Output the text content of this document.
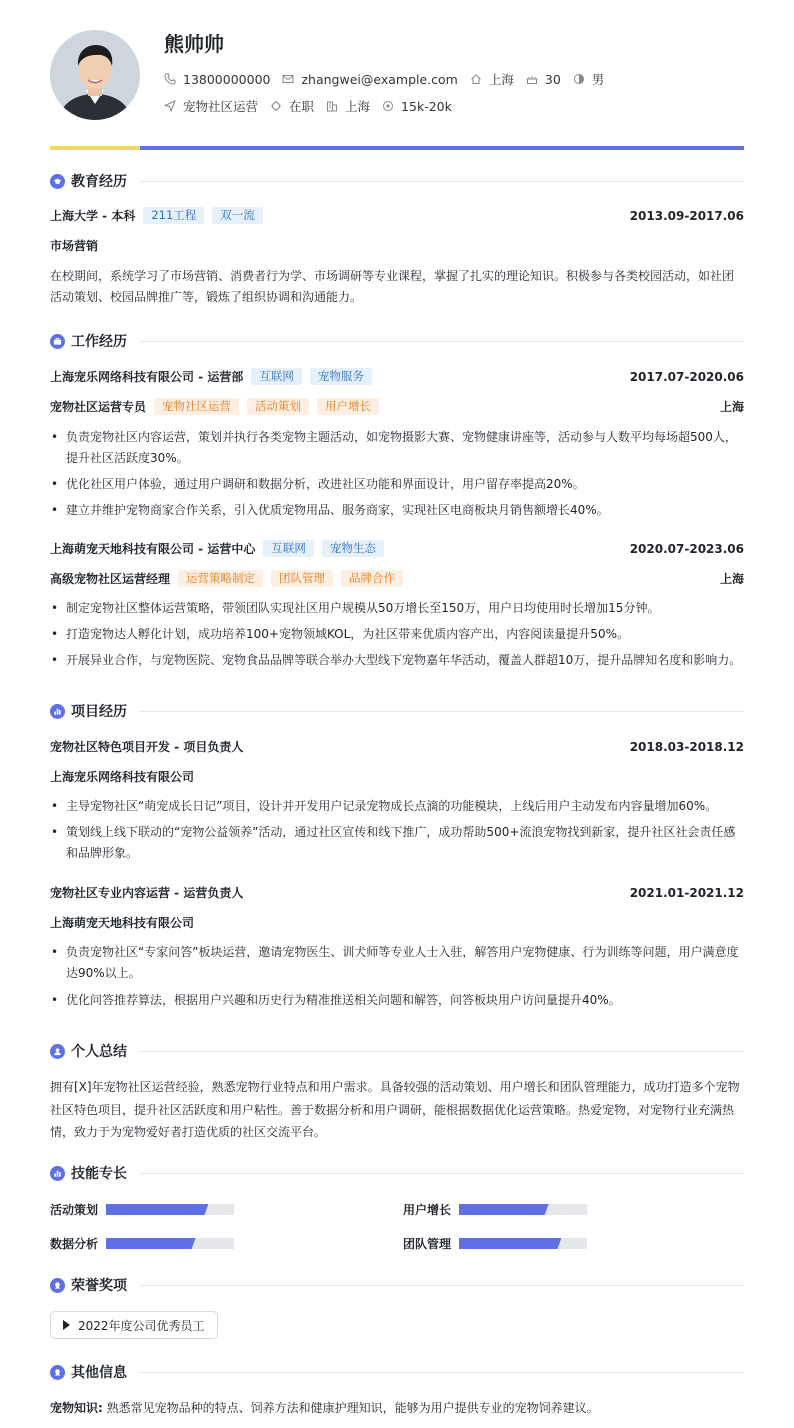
熊帅帅
13800000000 zhangwei@example.com 上海 30 男
宠物社区运营 在职 上海 15k-20k
教育经历
上海大学 - 本科	211工程	双一流	2013.09-2017.06
市场营销
在校期间，系统学习了市场营销、消费者行为学、市场调研等专业课程，掌握了扎实的理论知识。积极参与各类校园活动，如社团活动策划、校园品牌推广等，锻炼了组织协调和沟通能力。
工作经历
上海宠乐网络科技有限公司 - 运营部	互联网	宠物服务	2017.07-2020.06
宠物社区运营专员	宠物社区运营	活动策划	用户增长	上海
• 负责宠物社区内容运营，策划并执行各类宠物主题活动，如宠物摄影大赛、宠物健康讲座等，活动参与人数平均每场超500人，提升社区活跃度30%。
• 优化社区用户体验，通过用户调研和数据分析，改进社区功能和界面设计，用户留存率提高20%。
• 建立并维护宠物商家合作关系，引入优质宠物用品、服务商家，实现社区电商板块月销售额增长40%。
上海萌宠天地科技有限公司 - 运营中心	互联网	宠物生态	2020.07-2023.06
高级宠物社区运营经理	运营策略制定	团队管理	品牌合作	上海
• 制定宠物社区整体运营策略，带领团队实现社区用户规模从50万增长至150万，用户日均使用时长增加15分钟。
• 打造宠物达人孵化计划，成功培养100+宠物领域KOL，为社区带来优质内容产出，内容阅读量提升50%。
• 开展异业合作，与宠物医院、宠物食品品牌等联合举办大型线下宠物嘉年华活动，覆盖人群超10万，提升品牌知名度和影响力。
项目经历
宠物社区特色项目开发 - 项目负责人	2018.03-2018.12
上海宠乐网络科技有限公司
• 主导宠物社区“萌宠成长日记”项目，设计并开发用户记录宠物成长点滴的功能模块，上线后用户主动发布内容量增加60%。
• 策划线上线下联动的“宠物公益领养”活动，通过社区宣传和线下推广，成功帮助500+流浪宠物找到新家，提升社区社会责任感和品牌形象。
宠物社区专业内容运营 - 运营负责人	2021.01-2021.12
上海萌宠天地科技有限公司
• 负责宠物社区“专家问答”板块运营，邀请宠物医生、训犬师等专业人士入驻，解答用户宠物健康、行为训练等问题，用户满意度达90%以上。
• 优化问答推荐算法，根据用户兴趣和历史行为精准推送相关问题和解答，问答板块用户访问量提升40%。
个人总结
拥有[X]年宠物社区运营经验，熟悉宠物行业特点和用户需求。具备较强的活动策划、用户增长和团队管理能力，成功打造多个宠物社区特色项目，提升社区活跃度和用户粘性。善于数据分析和用户调研，能根据数据优化运营策略。热爱宠物，对宠物行业充满热情，致力于为宠物爱好者打造优质的社区交流平台。
技能专长
活动策划	用户增长
数据分析	团队管理
荣誉奖项
2022年度公司优秀员工
其他信息
宠物知识: 熟悉常见宠物品种的特点、饲养方法和健康护理知识，能够为用户提供专业的宠物饲养建议。
